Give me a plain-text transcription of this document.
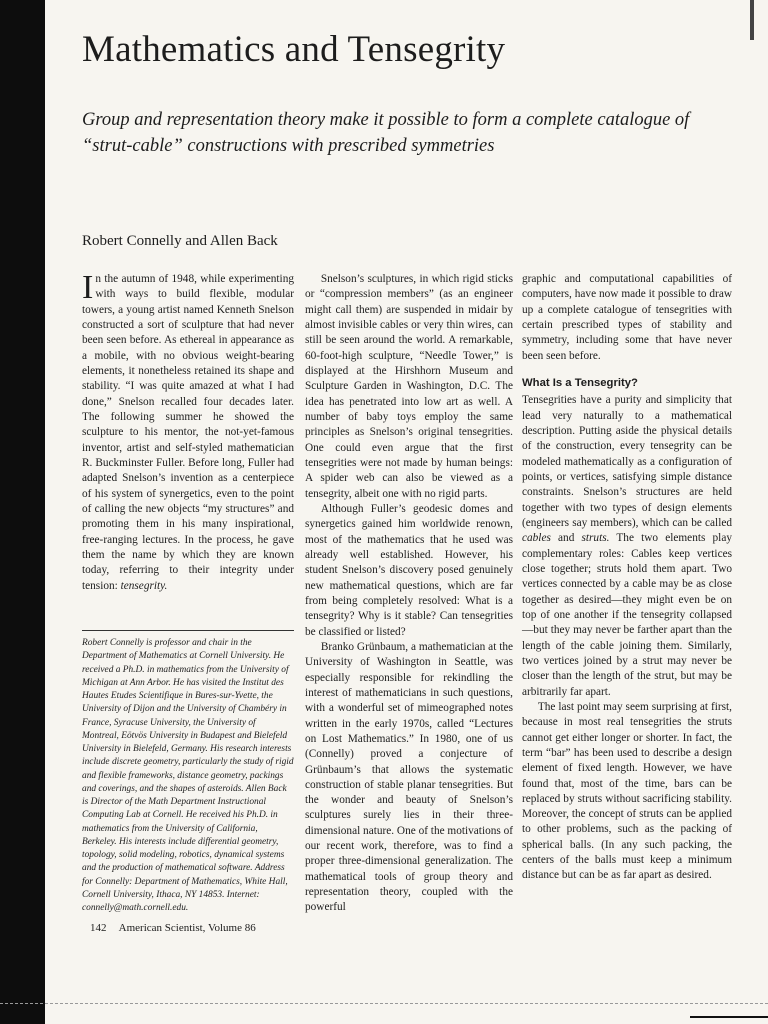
Mathematics and Tensegrity

Group and representation theory make it possible to form a complete catalogue of “strut-cable” constructions with prescribed symmetries

Robert Connelly and Allen Back

In the autumn of 1948, while experimenting with ways to build flexible, modular towers, a young artist named Kenneth Snelson constructed a sort of sculpture that had never been seen before. As ethereal in appearance as a mobile, with no obvious weight-bearing elements, it nonetheless retained its shape and stability. “I was quite amazed at what I had done,” Snelson recalled four decades later. The following summer he showed the sculpture to his mentor, the not-yet-famous inventor, artist and self-styled mathematician R. Buckminster Fuller. Before long, Fuller had adapted Snelson’s invention as a centerpiece of his system of synergetics, even to the point of calling the new objects “my structures” and promoting them in his many inspirational, free-ranging lectures. In the process, he gave them the name by which they are known today, referring to their integrity under tension: tensegrity.

Robert Connelly is professor and chair in the Department of Mathematics at Cornell University. He received a Ph.D. in mathematics from the University of Michigan at Ann Arbor. He has visited the Institut des Hautes Etudes Scientifique in Bures-sur-Yvette, the University of Dijon and the University of Chambéry in France, Syracuse University, the University of Montreal, Eötvös University in Budapest and Bielefeld University in Bielefeld, Germany. His research interests include discrete geometry, particularly the study of rigid and flexible frameworks, distance geometry, packings and coverings, and the shapes of asteroids. Allen Back is Director of the Math Department Instructional Computing Lab at Cornell. He received his Ph.D. in mathematics from the University of California, Berkeley. His interests include differential geometry, topology, solid modeling, robotics, dynamical systems and the production of mathematical software. Address for Connelly: Department of Mathematics, White Hall, Cornell University, Ithaca, NY 14853. Internet: connelly@math.cornell.edu.

Snelson’s sculptures, in which rigid sticks or “compression members” (as an engineer might call them) are suspended in midair by almost invisible cables or very thin wires, can still be seen around the world. A remarkable, 60-foot-high sculpture, “Needle Tower,” is displayed at the Hirshhorn Museum and Sculpture Garden in Washington, D.C. The idea has penetrated into low art as well. A number of baby toys employ the same principles as Snelson’s original tensegrities. One could even argue that the first tensegrities were not made by human beings: A spider web can also be viewed as a tensegrity, albeit one with no rigid parts.

Although Fuller’s geodesic domes and synergetics gained him worldwide renown, most of the mathematics that he used was already well established. However, his student Snelson’s discovery posed genuinely new mathematical questions, which are far from being completely resolved: What is a tensegrity? Why is it stable? Can tensegrities be classified or listed?

Branko Grünbaum, a mathematician at the University of Washington in Seattle, was especially responsible for rekindling the interest of mathematicians in such questions, with a wonderful set of mimeographed notes written in the early 1970s, called “Lectures on Lost Mathematics.” In 1980, one of us (Connelly) proved a conjecture of Grünbaum’s that allows the systematic construction of stable planar tensegrities. But the wonder and beauty of Snelson’s sculptures surely lies in their three-dimensional nature. One of the motivations of our recent work, therefore, was to find a proper three-dimensional generalization. The mathematical tools of group theory and representation theory, coupled with the powerful

graphic and computational capabilities of computers, have now made it possible to draw up a complete catalogue of tensegrities with certain prescribed types of stability and symmetry, including some that have never been seen before.

What Is a Tensegrity?

Tensegrities have a purity and simplicity that lead very naturally to a mathematical description. Putting aside the physical details of the construction, every tensegrity can be modeled mathematically as a configuration of points, or vertices, satisfying simple distance constraints. Snelson’s structures are held together with two types of design elements (engineers say members), which can be called cables and struts. The two elements play complementary roles: Cables keep vertices close together; struts hold them apart. Two vertices connected by a cable may be as close together as desired—they might even be on top of one another if the tensegrity collapsed—but they may never be farther apart than the length of the cable joining them. Similarly, two vertices joined by a strut may never be closer than the length of the strut, but may be arbitrarily far apart.

The last point may seem surprising at first, because in most real tensegrities the struts cannot get either longer or shorter. In fact, the term “bar” has been used to describe a design element of fixed length. However, we have found that, most of the time, bars can be replaced by struts without sacrificing stability. Moreover, the concept of struts can be applied to other problems, such as the packing of spherical balls. (In any such packing, the centers of the balls must keep a minimum distance but can be as far apart as desired.

142 American Scientist, Volume 86
